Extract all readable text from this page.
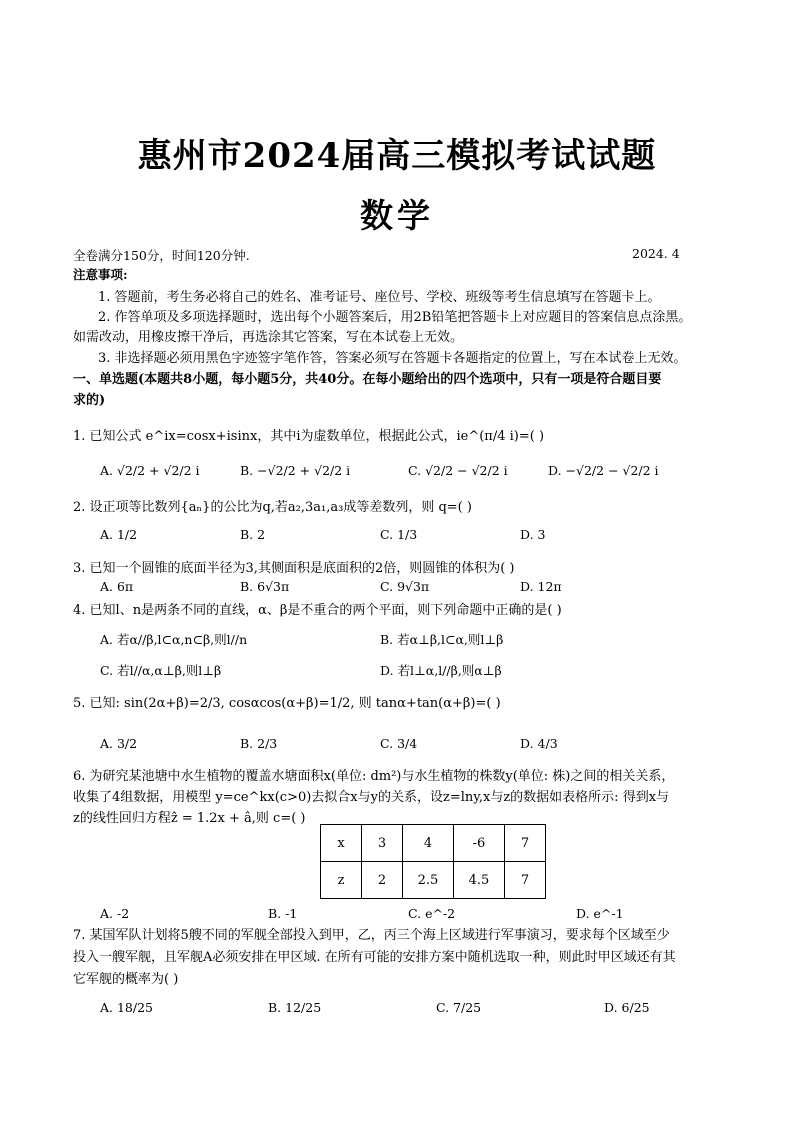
惠州市2024届高三模拟考试试题
数学
全卷满分150分，时间120分钟.	2024. 4
注意事项:
1. 答题前，考生务必将自己的姓名、准考证号、座位号、学校、班级等考生信息填写在答题卡上。
2. 作答单项及多项选择题时，选出每个小题答案后，用2B铅笔把答题卡上对应题目的答案信息点涂黑。
如需改动，用橡皮擦干净后，再选涂其它答案，写在本试卷上无效。
3. 非选择题必须用黑色字迹签字笔作答，答案必须写在答题卡各题指定的位置上，写在本试卷上无效。
一、单选题(本题共8小题，每小题5分，共40分。在每小题给出的四个选项中，只有一项是符合题目要
求的)
1. 已知公式 e^ix=cosx+isinx，其中i为虚数单位，根据此公式，ie^(π/4 i)=( )
A. √2/2 + √2/2 i	B. −√2/2 + √2/2 i	C. √2/2 − √2/2 i	D. −√2/2 − √2/2 i
2. 设正项等比数列{aₙ}的公比为q,若a₂,3a₁,a₃成等差数列，则 q=( )
A. 1/2	B. 2	C. 1/3	D. 3
3. 已知一个圆锥的底面半径为3,其侧面积是底面积的2倍，则圆锥的体积为( )
A. 6π	B. 6√3π	C. 9√3π	D. 12π
4. 已知l、n是两条不同的直线，α、β是不重合的两个平面，则下列命题中正确的是( )
A. 若α//β,l⊂α,n⊂β,则l//n	B. 若α⊥β,l⊂α,则l⊥β
C. 若l//α,α⊥β,则l⊥β	D. 若l⊥α,l//β,则α⊥β
5. 已知: sin(2α+β)=2/3, cosαcos(α+β)=1/2, 则 tanα+tan(α+β)=( )
A. 3/2	B. 2/3	C. 3/4	D. 4/3
6. 为研究某池塘中水生植物的覆盖水塘面积x(单位: dm²)与水生植物的株数y(单位: 株)之间的相关关系，
收集了4组数据，用模型 y=ce^kx(c>0)去拟合x与y的关系，设z=lny,x与z的数据如表格所示: 得到x与
z的线性回归方程ẑ = 1.2x + â,则 c=( )
x	3	4	-6	7
z	2	2.5	4.5	7
A. -2	B. -1	C. e^-2	D. e^-1
7. 某国军队计划将5艘不同的军舰全部投入到甲，乙，丙三个海上区域进行军事演习，要求每个区域至少
投入一艘军舰，且军舰A必须安排在甲区域. 在所有可能的安排方案中随机选取一种，则此时甲区域还有其
它军舰的概率为( )
A. 18/25	B. 12/25	C. 7/25	D. 6/25
